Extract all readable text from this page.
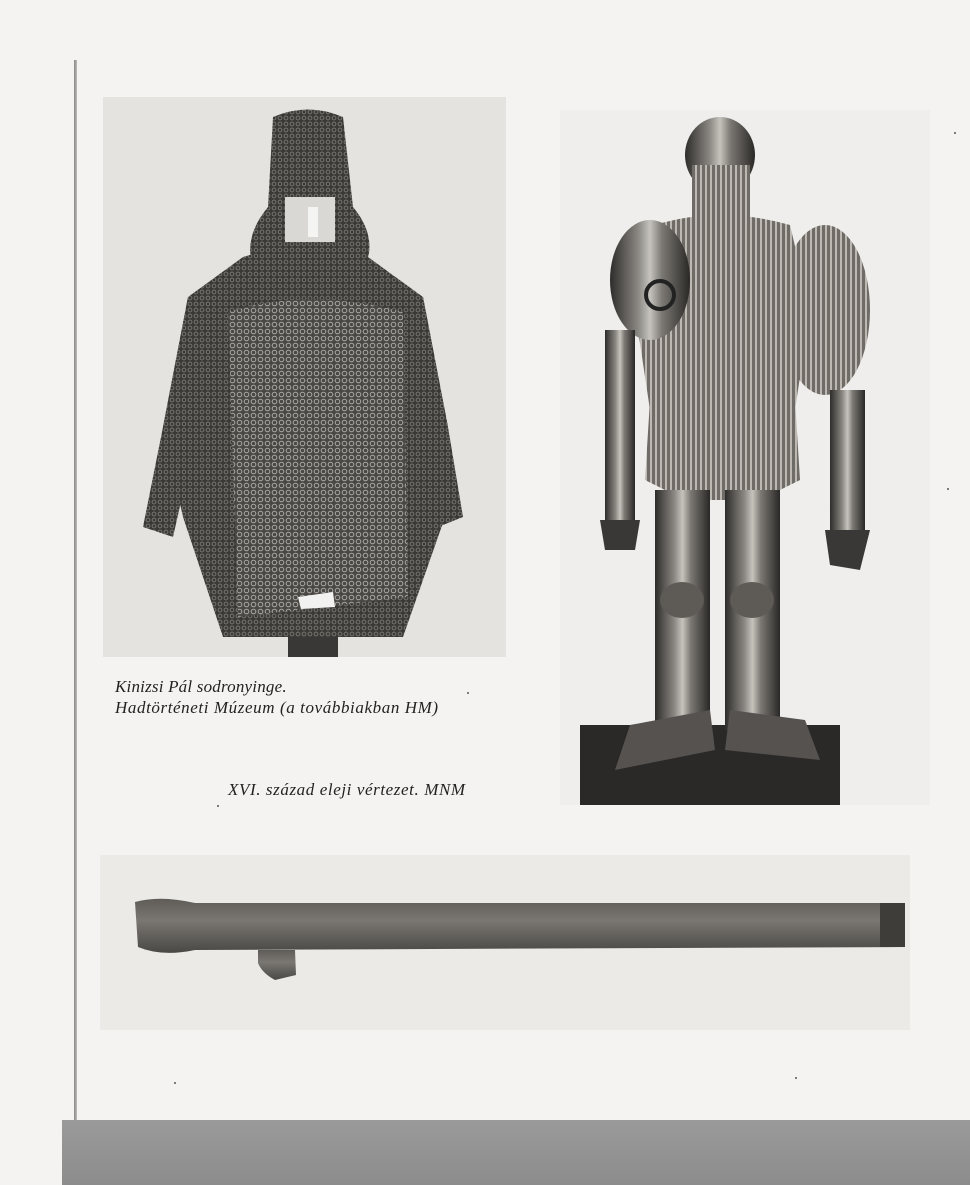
Kinizsi Pál sodronyinge.
Hadtörténeti Múzeum (a továbbiakban HM)
XVI. század eleji vértezet. MNM
